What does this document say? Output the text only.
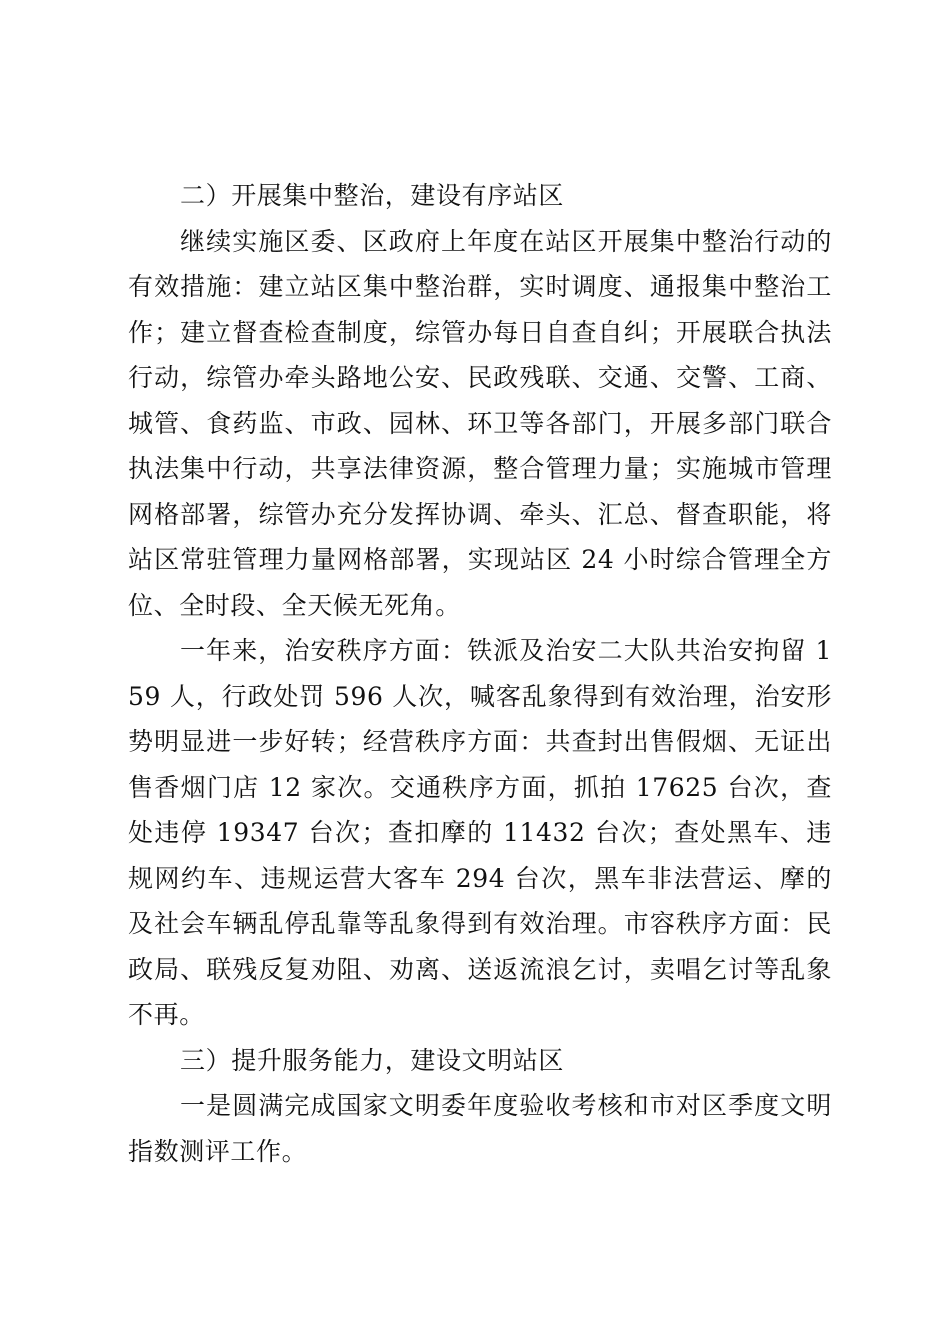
二）开展集中整治，建设有序站区

继续实施区委、区政府上年度在站区开展集中整治行动的有效措施：建立站区集中整治群，实时调度、通报集中整治工作；建立督查检查制度，综管办每日自查自纠；开展联合执法行动，综管办牵头路地公安、民政残联、交通、交警、工商、城管、食药监、市政、园林、环卫等各部门，开展多部门联合执法集中行动，共享法律资源，整合管理力量；实施城市管理网格部署，综管办充分发挥协调、牵头、汇总、督查职能，将站区常驻管理力量网格部署，实现站区 24 小时综合管理全方位、全时段、全天候无死角。

一年来，治安秩序方面：铁派及治安二大队共治安拘留 159 人，行政处罚 596 人次，喊客乱象得到有效治理，治安形势明显进一步好转；经营秩序方面：共查封出售假烟、无证出售香烟门店 12 家次。交通秩序方面，抓拍 17625 台次，查处违停 19347 台次；查扣摩的 11432 台次；查处黑车、违规网约车、违规运营大客车 294 台次，黑车非法营运、摩的及社会车辆乱停乱靠等乱象得到有效治理。市容秩序方面：民政局、联残反复劝阻、劝离、送返流浪乞讨，卖唱乞讨等乱象不再。

三）提升服务能力，建设文明站区

一是圆满完成国家文明委年度验收考核和市对区季度文明指数测评工作。
